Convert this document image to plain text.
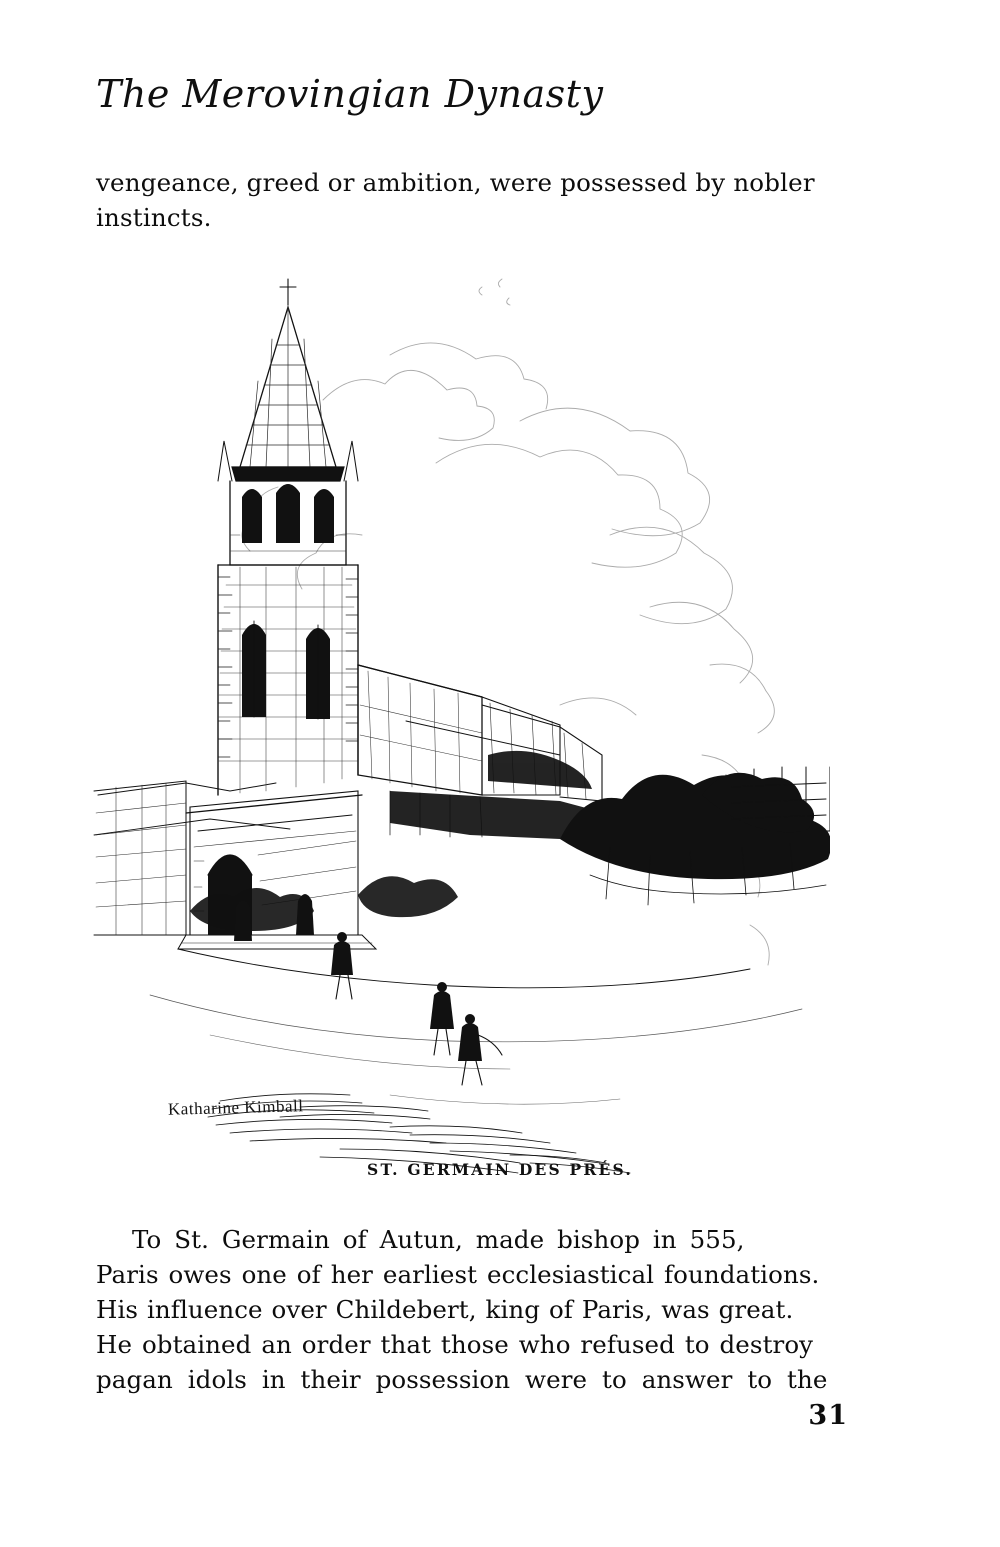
The Merovingian Dynasty
vengeance, greed or ambition, were possessed by nobler
instincts.
Katharine Kimball
ST. GERMAIN DES PRÉS.
To St. Germain of Autun, made bishop in 555,
Paris owes one of her earliest ecclesiastical foundations.
His influence over Childebert, king of Paris, was great.
He obtained an order that those who refused to destroy
pagan idols in their possession were to answer to the
31
